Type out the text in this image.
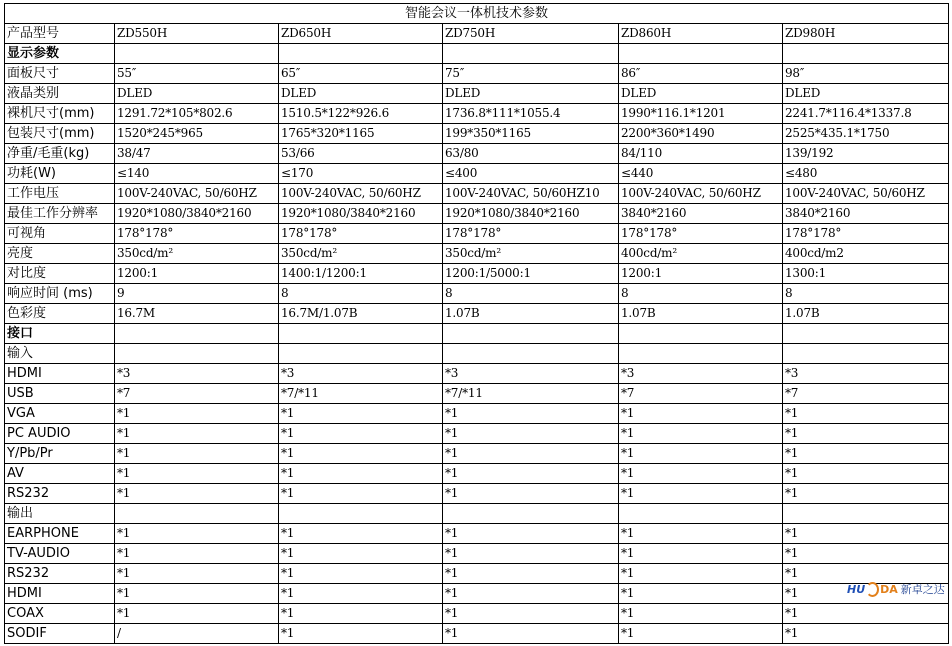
智能会议一体机技术参数					
产品型号	ZD550H	ZD650H	ZD750H	ZD860H	ZD980H
显示参数					
面板尺寸	55″	65″	75″	86″	98″
液晶类别	DLED	DLED	DLED	DLED	DLED
裸机尺寸(mm)	1291.72*105*802.6	1510.5*122*926.6	1736.8*111*1055.4	1990*116.1*1201	2241.7*116.4*1337.8
包装尺寸(mm)	1520*245*965	1765*320*1165	199*350*1165	2200*360*1490	2525*435.1*1750
净重/毛重(kg)	38/47	53/66	63/80	84/110	139/192
功耗(W)	≤140	≤170	≤400	≤440	≤480
工作电压	100V-240VAC, 50/60HZ	100V-240VAC, 50/60HZ	100V-240VAC, 50/60HZ10	100V-240VAC, 50/60HZ	100V-240VAC, 50/60HZ
最佳工作分辨率	1920*1080/3840*2160	1920*1080/3840*2160	1920*1080/3840*2160	3840*2160	3840*2160
可视角	178°178°	178°178°	178°178°	178°178°	178°178°
亮度	350cd/m²	350cd/m²	350cd/m²	400cd/m²	400cd/m2
对比度	1200:1	1400:1/1200:1	1200:1/5000:1	1200:1	1300:1
响应时间 (ms)	9	8	8	8	8
色彩度	16.7M	16.7M/1.07B	1.07B	1.07B	1.07B
接口					
输入					
HDMI	*3	*3	*3	*3	*3
USB	*7	*7/*11	*7/*11	*7	*7
VGA	*1	*1	*1	*1	*1
PC AUDIO	*1	*1	*1	*1	*1
Y/Pb/Pr	*1	*1	*1	*1	*1
AV	*1	*1	*1	*1	*1
RS232	*1	*1	*1	*1	*1
输出					
EARPHONE	*1	*1	*1	*1	*1
TV-AUDIO	*1	*1	*1	*1	*1
RS232	*1	*1	*1	*1	*1
HDMI	*1	*1	*1	*1	*1
COAX	*1	*1	*1	*1	*1
SODIF	/	*1	*1	*1	*1
HU DA 新卓之达
